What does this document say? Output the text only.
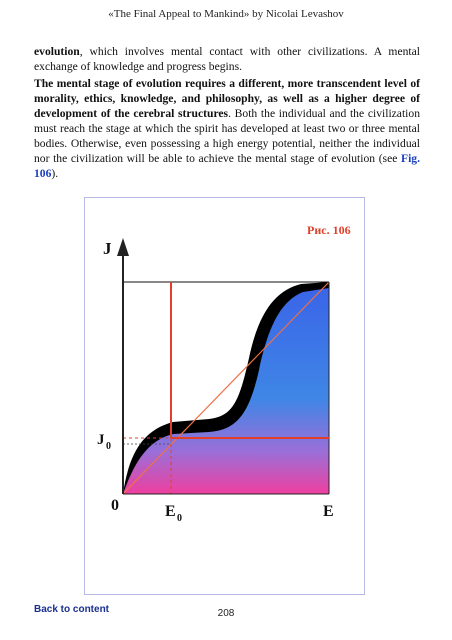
«The Final Appeal to Mankind» by Nicolai Levashov

evolution, which involves mental contact with other civilizations. A mental exchange of knowledge and progress begins.

The mental stage of evolution requires a different, more transcendent level of morality, ethics, knowledge, and philosophy, as well as a higher degree of development of the cerebral structures. Both the individual and the civilization must reach the stage at which the spirit has developed at least two or three mental bodies. Otherwise, even possessing a high energy potential, neither the individual nor the civilization will be able to achieve the mental stage of evolution (see Fig. 106).

Рис. 106
J
J 0
0	E 0	E
Back to content	208
